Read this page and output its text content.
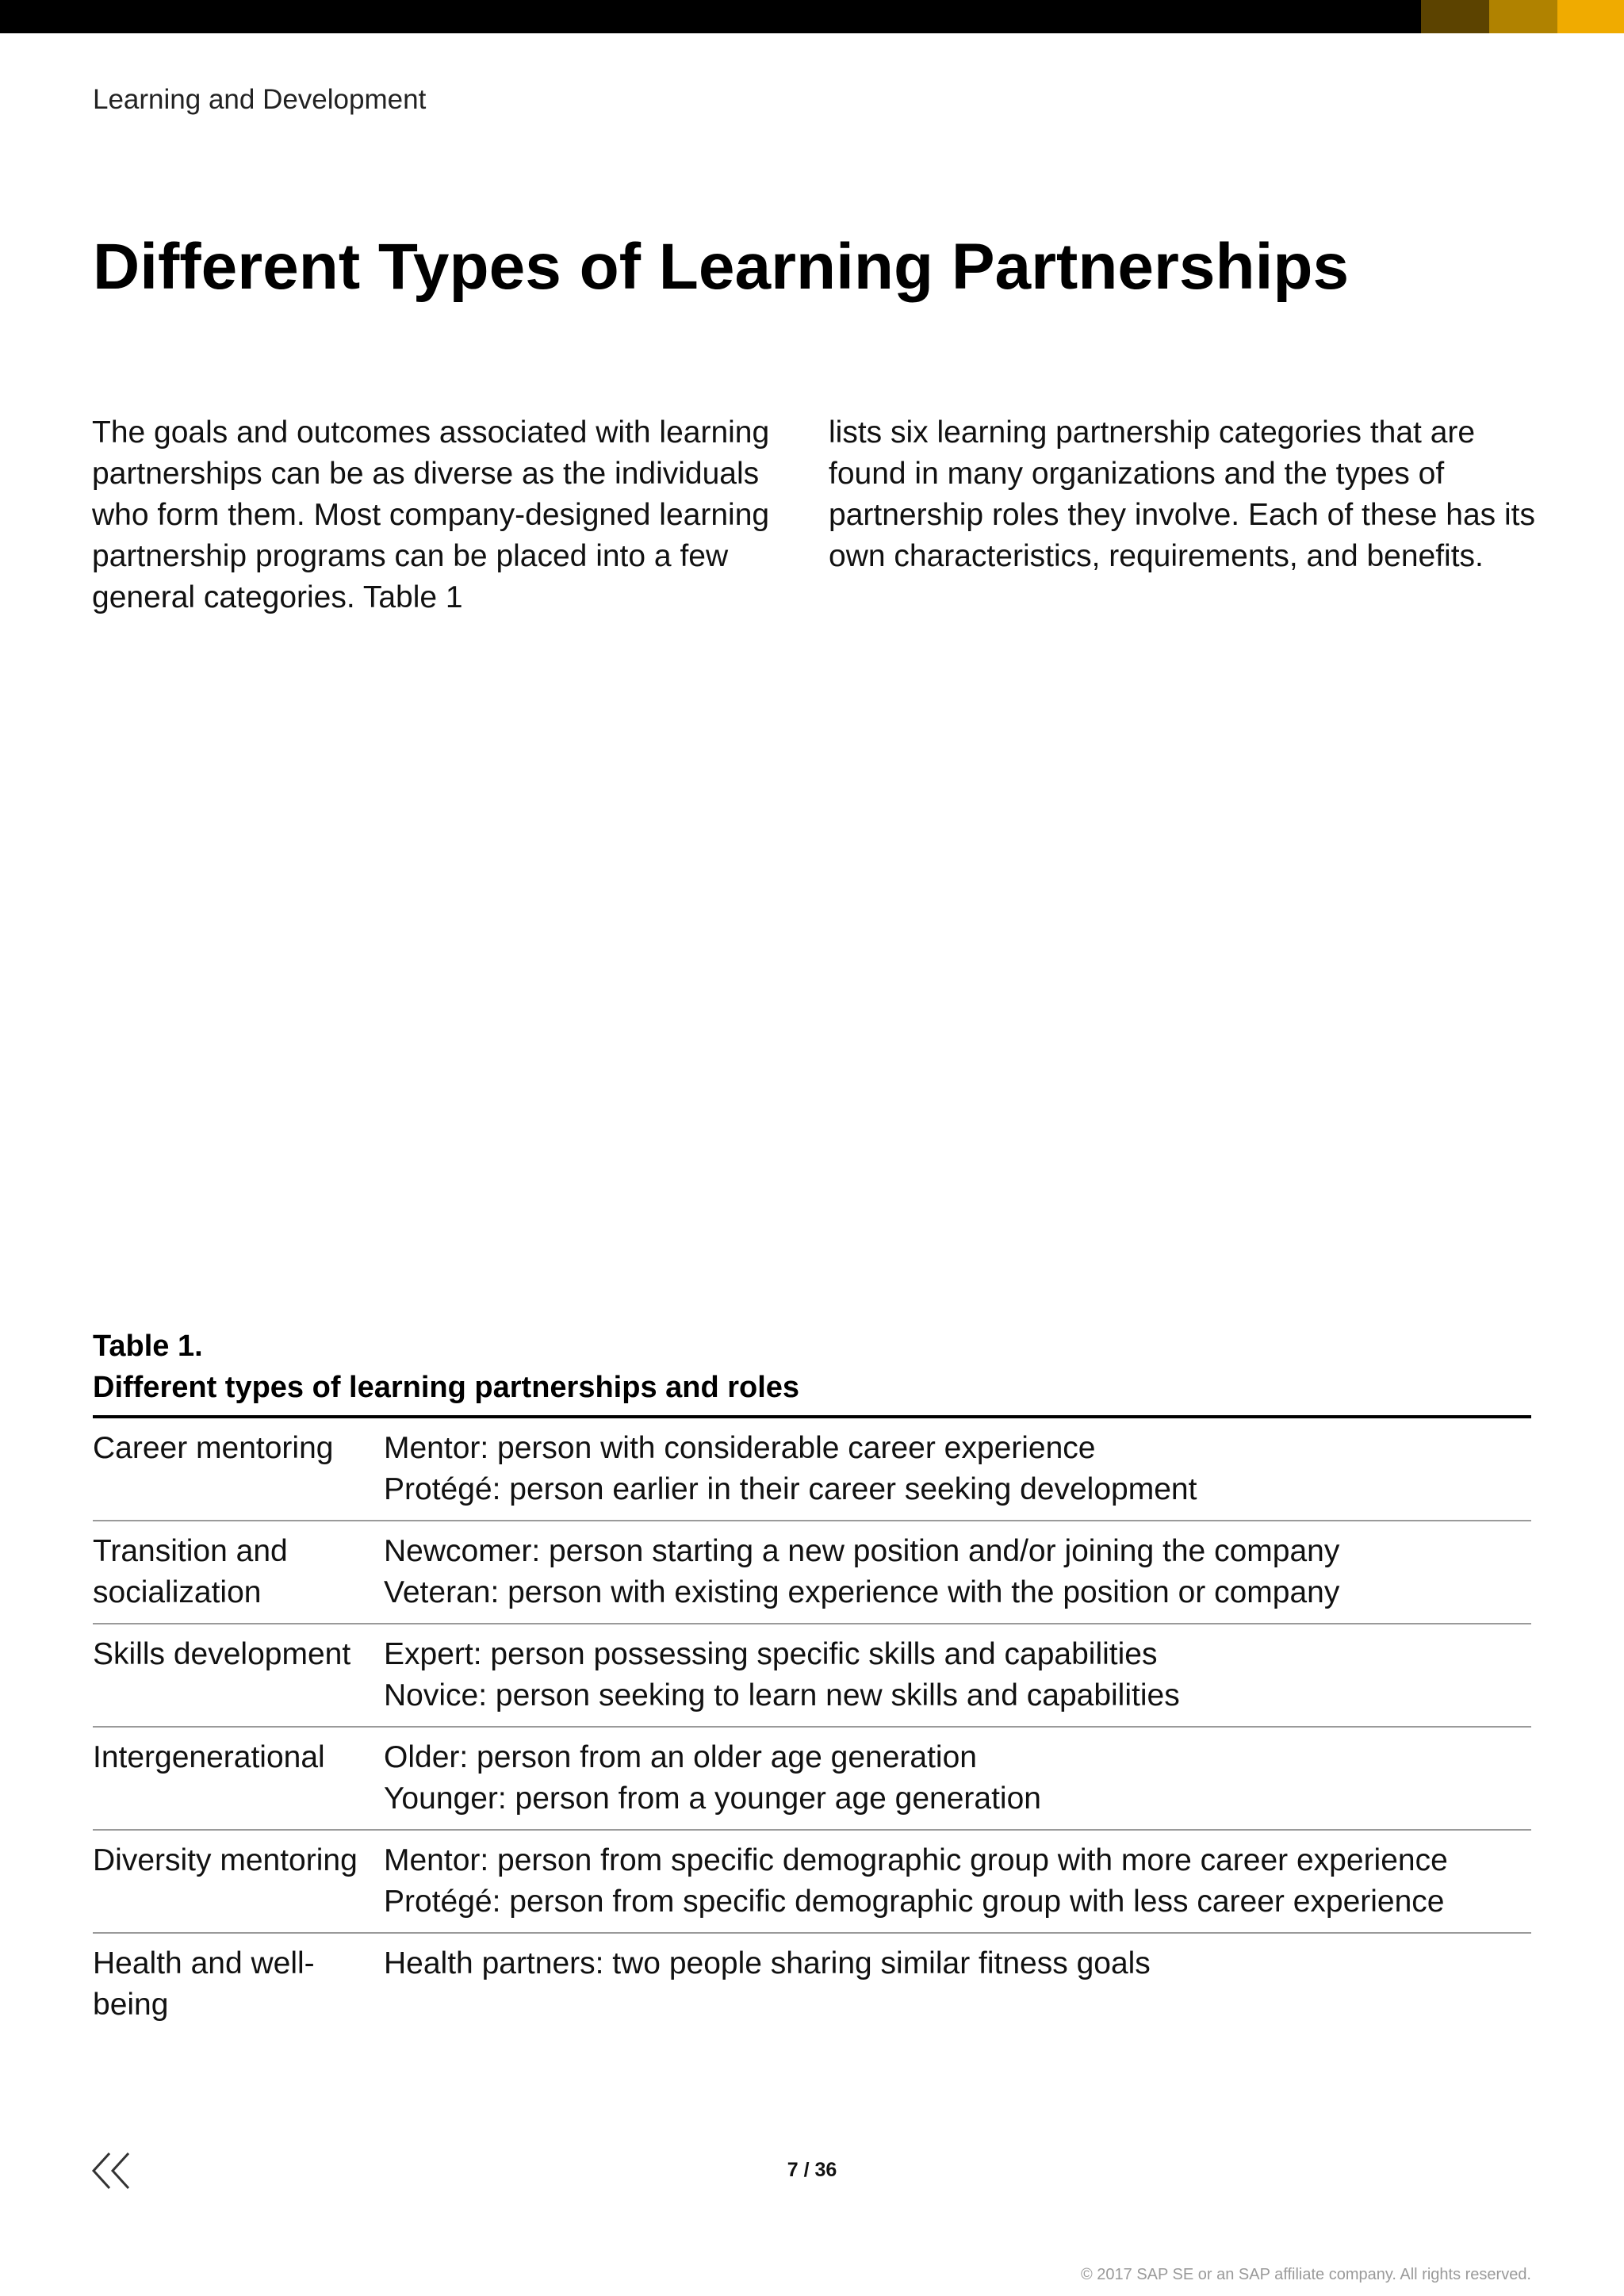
Learning and Development
Different Types of Learning Partnerships

The goals and outcomes associated with learning partnerships can be as diverse as the individuals who form them. Most company-designed learning partnership programs can be placed into a few general categories. Table 1

lists six learning partnership categories that are found in many organizations and the types of partnership roles they involve. Each of these has its own characteristics, requirements, and benefits.

Table 1.
Different types of learning partnerships and roles
Career mentoring	Mentor: person with considerable career experience
Protégé: person earlier in their career seeking development

Transition and socialization	Newcomer: person starting a new position and/or joining the company
Veteran: person with existing experience with the position or company

Skills development	Expert: person possessing specific skills and capabilities
Novice: person seeking to learn new skills and capabilities

Intergenerational	Older: person from an older age generation
Younger: person from a younger age generation

Diversity mentoring	Mentor: person from specific demographic group with more career experience
Protégé: person from specific demographic group with less career experience

Health and well-being	Health partners: two people sharing similar fitness goals
7 / 36
© 2017 SAP SE or an SAP affiliate company. All rights reserved.
